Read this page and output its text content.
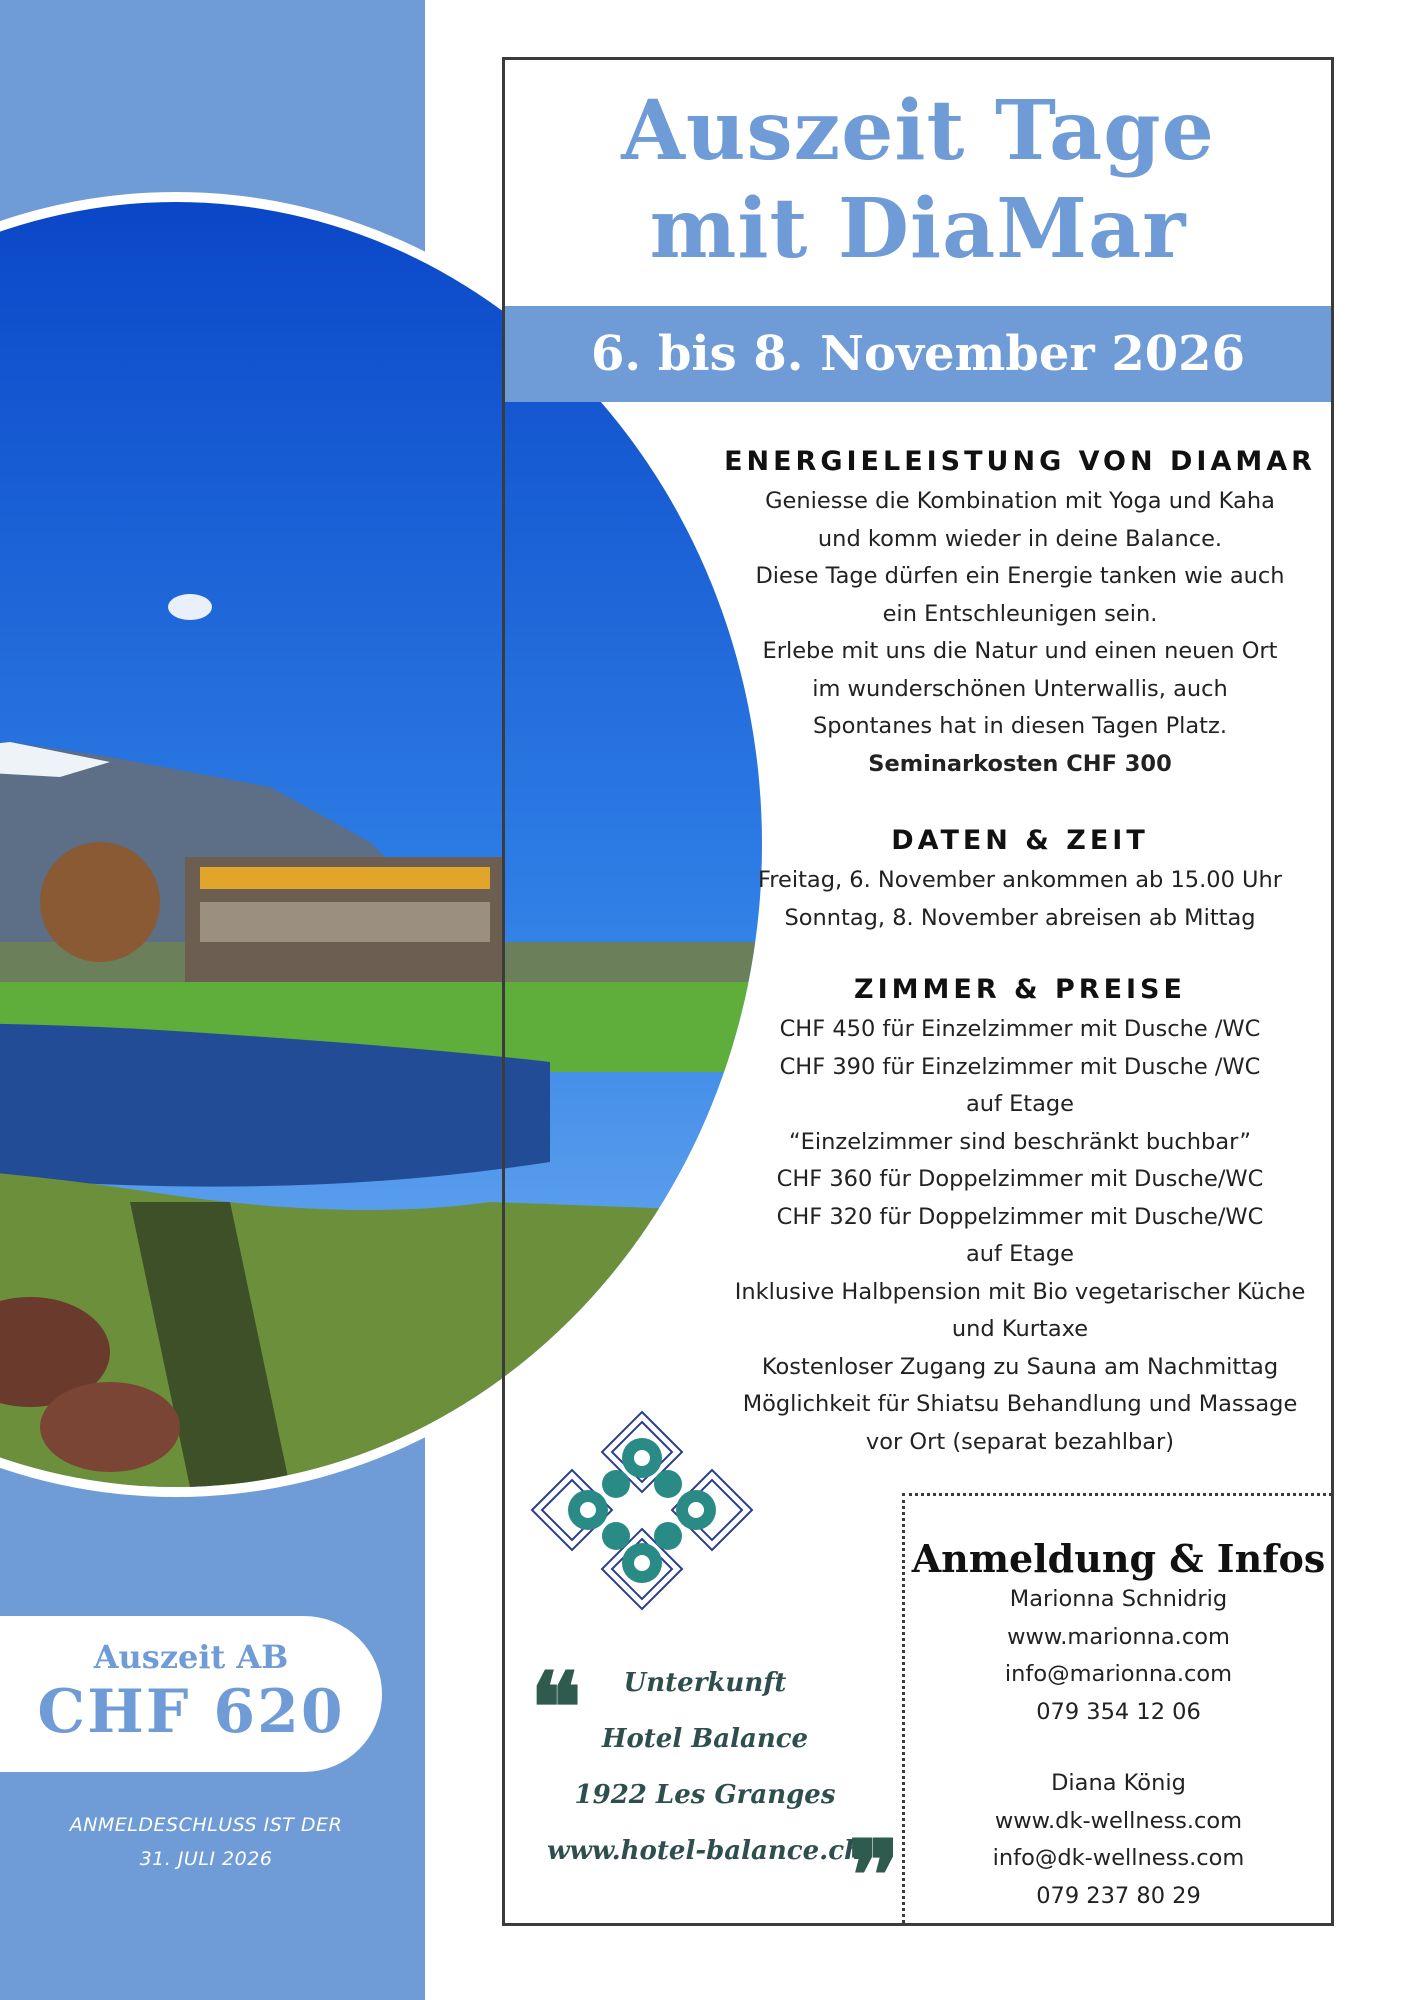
Auszeit Tage
mit DiaMar
6. bis 8. November 2026
ENERGIELEISTUNG VON DIAMAR
Geniesse die Kombination mit Yoga und Kaha
und komm wieder in deine Balance.
Diese Tage dürfen ein Energie tanken wie auch
ein Entschleunigen sein.
Erlebe mit uns die Natur und einen neuen Ort
im wunderschönen Unterwallis, auch
Spontanes hat in diesen Tagen Platz.
Seminarkosten CHF 300
DATEN & ZEIT
Freitag, 6. November ankommen ab 15.00 Uhr
Sonntag, 8. November abreisen ab Mittag
ZIMMER & PREISE
CHF 450 für Einzelzimmer mit Dusche /WC
CHF 390 für Einzelzimmer mit Dusche /WC
auf Etage
“Einzelzimmer sind beschränkt buchbar”
CHF 360 für Doppelzimmer mit Dusche/WC
CHF 320 für Doppelzimmer mit Dusche/WC
auf Etage
Inklusive Halbpension mit Bio vegetarischer Küche
und Kurtaxe
Kostenloser Zugang zu Sauna am Nachmittag
Möglichkeit für Shiatsu Behandlung und Massage
vor Ort (separat bezahlbar)
❝	Unterkunft
Hotel Balance
1922 Les Granges
www.hotel-balance.ch
❞
Anmeldung & Infos
Marionna Schnidrig
www.marionna.com
info@marionna.com
079 354 12 06
Diana König
www.dk-wellness.com
info@dk-wellness.com
079 237 80 29
Auszeit AB
CHF 620
ANMELDESCHLUSS IST DER
31. JULI 2026
